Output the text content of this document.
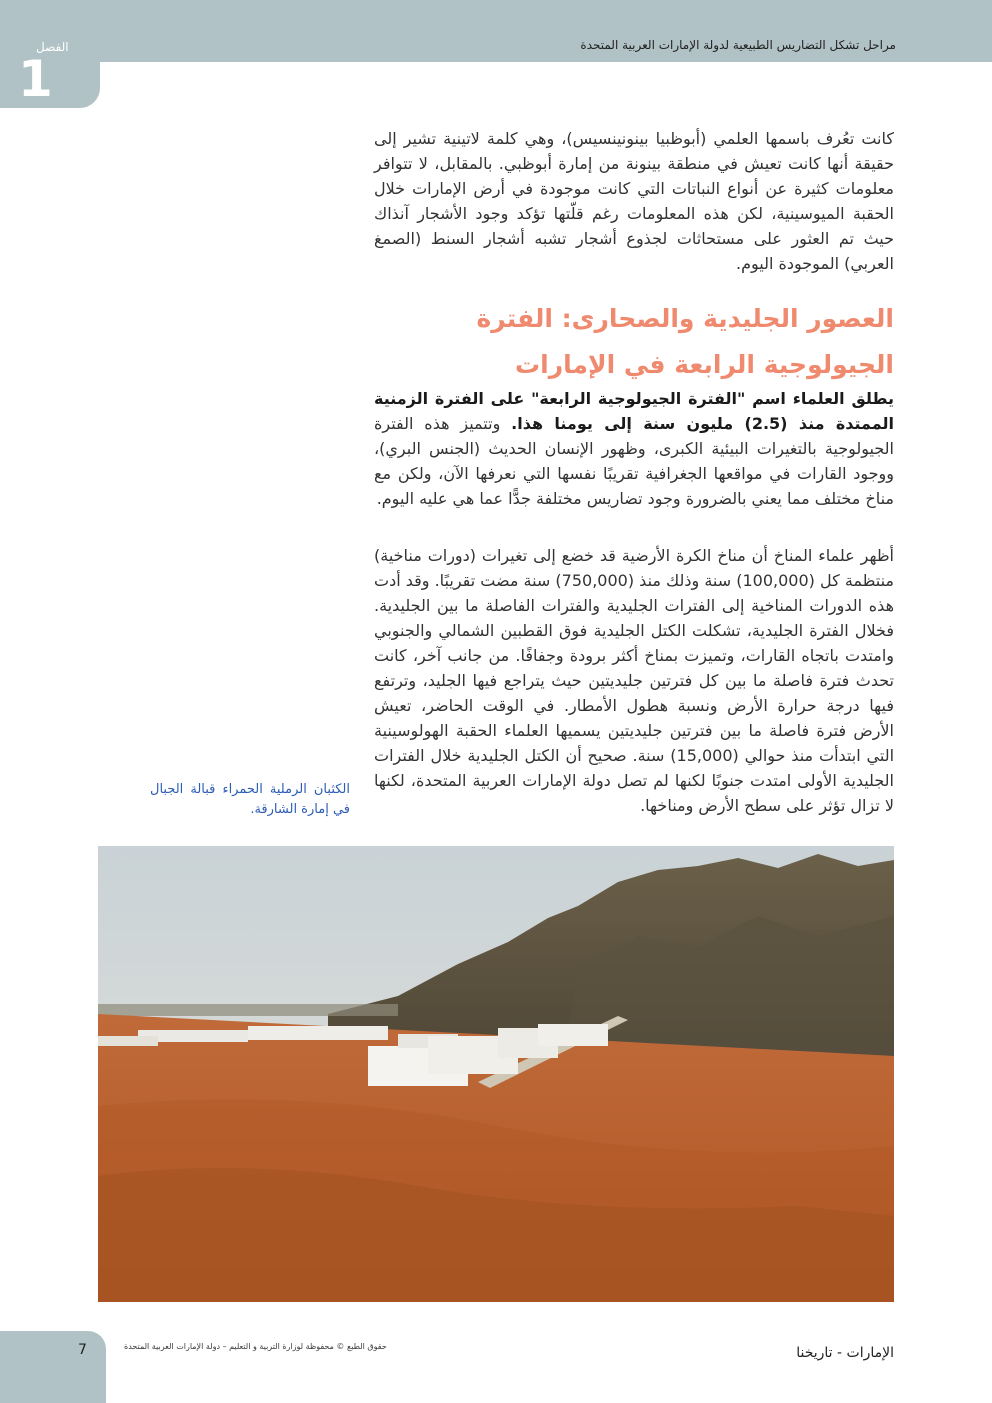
مراحل تشكل التضاريس الطبيعية لدولة الإمارات العربية المتحدة
الفصل
1
كانت تعُرف باسمها العلمي (أبوظبيا بينونينسيس)، وهي كلمة لاتينية تشير إلى حقيقة أنها كانت تعيش في منطقة بينونة من إمارة أبوظبي. بالمقابل، لا تتوافر معلومات كثيرة عن أنواع النباتات التي كانت موجودة في أرض الإمارات خلال الحقبة الميوسينية، لكن هذه المعلومات رغم قلّتها تؤكد وجود الأشجار آنذاك حيث تم العثور على مستحاثات لجذوع أشجار تشبه أشجار السنط (الصمغ العربي) الموجودة اليوم.
العصور الجليدية والصحارى: الفترة الجيولوجية الرابعة في الإمارات
يطلق العلماء اسم "الفترة الجيولوجية الرابعة" على الفترة الزمنية الممتدة منذ (2.5) مليون سنة إلى يومنا هذا. وتتميز هذه الفترة الجيولوجية بالتغيرات البيئية الكبرى، وظهور الإنسان الحديث (الجنس البري)، ووجود القارات في مواقعها الجغرافية تقريبًا نفسها التي نعرفها الآن، ولكن مع مناخ مختلف مما يعني بالضرورة وجود تضاريس مختلفة جدًّا عما هي عليه اليوم.
أظهر علماء المناخ أن مناخ الكرة الأرضية قد خضع إلى تغيرات (دورات مناخية) منتظمة كل (100,000) سنة وذلك منذ (750,000) سنة مضت تقريبًا. وقد أدت هذه الدورات المناخية إلى الفترات الجليدية والفترات الفاصلة ما بين الجليدية. فخلال الفترة الجليدية، تشكلت الكتل الجليدية فوق القطبين الشمالي والجنوبي وامتدت باتجاه القارات، وتميزت بمناخ أكثر برودة وجفافًا. من جانب آخر، كانت تحدث فترة فاصلة ما بين كل فترتين جليديتين حيث يتراجع فيها الجليد، وترتفع فيها درجة حرارة الأرض ونسبة هطول الأمطار. في الوقت الحاضر، تعيش الأرض فترة فاصلة ما بين فترتين جليديتين يسميها العلماء الحقبة الهولوسينية التي ابتدأت منذ حوالي (15,000) سنة. صحيح أن الكتل الجليدية خلال الفترات الجليدية الأولى امتدت جنوبًا لكنها لم تصل دولة الإمارات العربية المتحدة، لكنها لا تزال تؤثر على سطح الأرض ومناخها.
الكثبان الرملية الحمراء قبالة الجبال في إمارة الشارقة.
7	حقوق الطبع © محفوظة لوزارة التربية و التعليم – دولة الإمارات العربية المتحدة	الإمارات - تاريخنا
